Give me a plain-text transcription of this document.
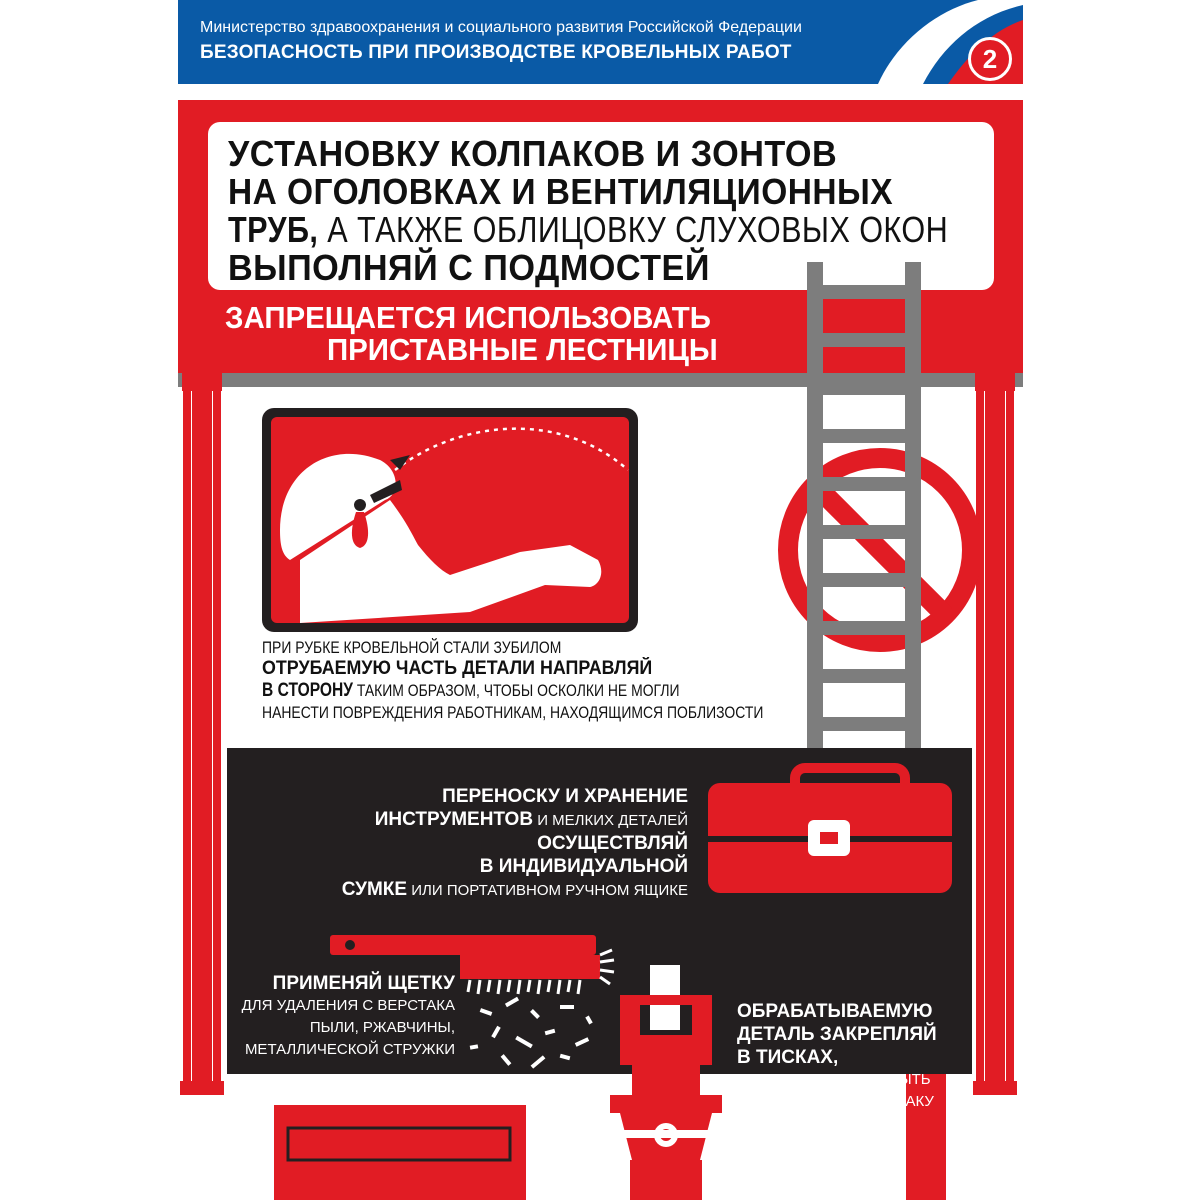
Министерство здравоохранения и социального развития Российской Федерации
БЕЗОПАСНОСТЬ ПРИ ПРОИЗВОДСТВЕ КРОВЕЛЬНЫХ РАБОТ	2
УСТАНОВКУ КОЛПАКОВ И ЗОНТОВ
НА ОГОЛОВКАХ И ВЕНТИЛЯЦИОННЫХ
ТРУБ, А ТАКЖЕ ОБЛИЦОВКУ СЛУХОВЫХ ОКОН
ВЫПОЛНЯЙ С ПОДМОСТЕЙ
ЗАПРЕЩАЕТСЯ ИСПОЛЬЗОВАТЬ
ПРИСТАВНЫЕ ЛЕСТНИЦЫ
ПРИ РУБКЕ КРОВЕЛЬНОЙ СТАЛИ ЗУБИЛОМ
ОТРУБАЕМУЮ ЧАСТЬ ДЕТАЛИ НАПРАВЛЯЙ
В СТОРОНУ ТАКИМ ОБРАЗОМ, ЧТОБЫ ОСКОЛКИ НЕ МОГЛИ
НАНЕСТИ ПОВРЕЖДЕНИЯ РАБОТНИКАМ, НАХОДЯЩИМСЯ ПОБЛИЗОСТИ
ПЕРЕНОСКУ И ХРАНЕНИЕ
ИНСТРУМЕНТОВ И МЕЛКИХ ДЕТАЛЕЙ
ОСУЩЕСТВЛЯЙ
В ИНДИВИДУАЛЬНОЙ
СУМКЕ ИЛИ ПОРТАТИВНОМ РУЧНОМ ЯЩИКЕ
ПРИМЕНЯЙ ЩЕТКУ
ДЛЯ УДАЛЕНИЯ С ВЕРСТАКА
ПЫЛИ, РЖАВЧИНЫ,
МЕТАЛЛИЧЕСКОЙ СТРУЖКИ
ОБРАБАТЫВАЕМУЮ
ДЕТАЛЬ ЗАКРЕПЛЯЙ
В ТИСКАХ,
КОТОРЫЕ ДОЛЖНЫ БЫТЬ
ЗАКРЕПЛЕНЫ К ВЕРСТАКУ
